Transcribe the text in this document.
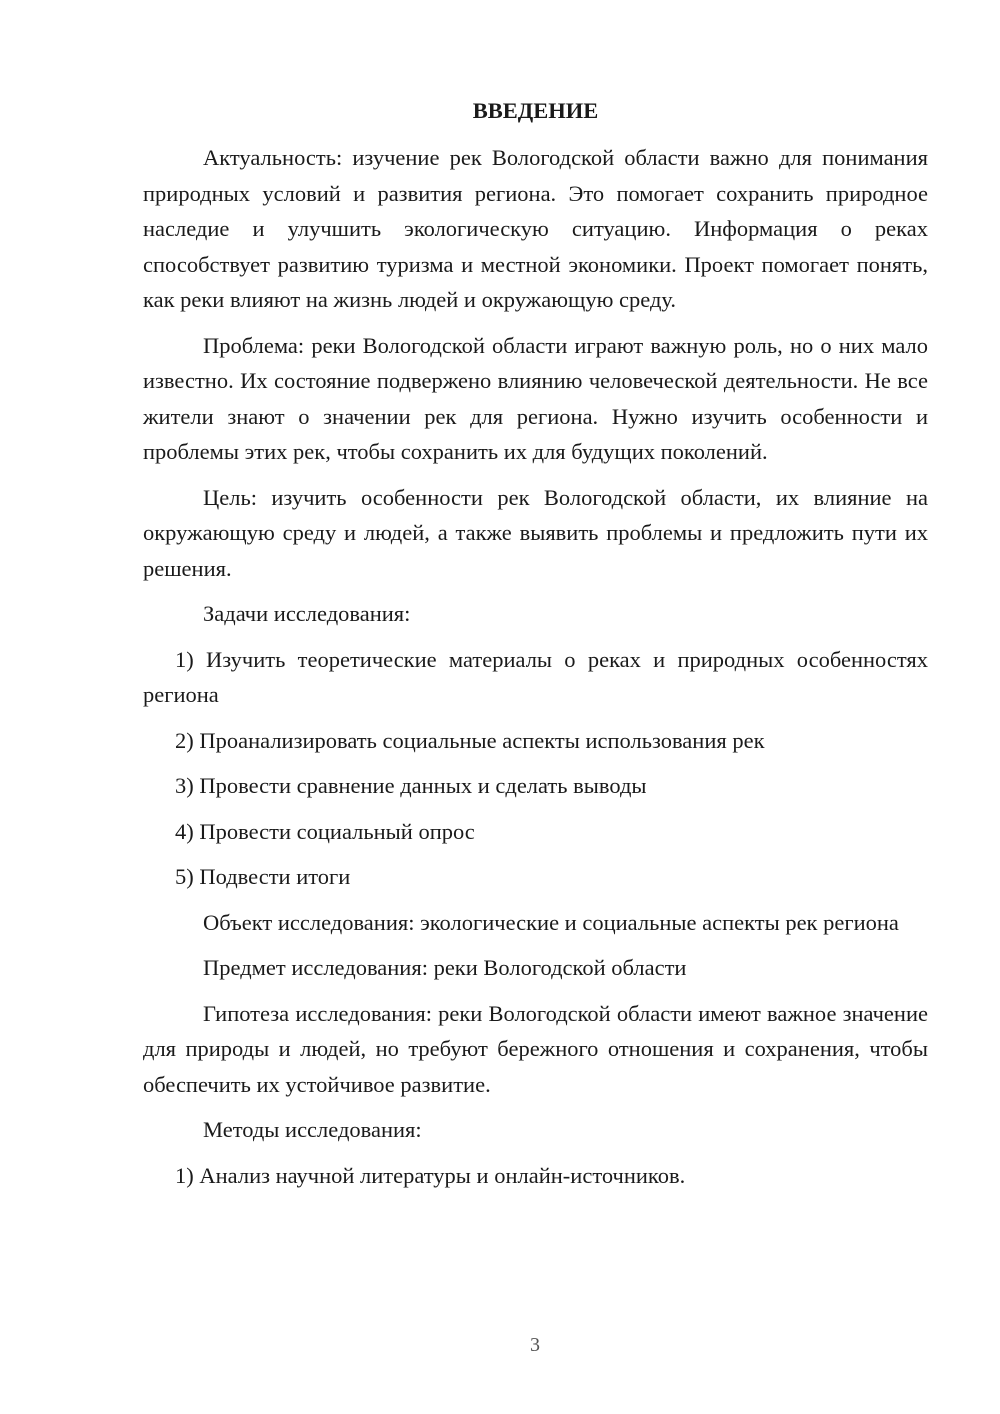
ВВЕДЕНИЕ

Актуальность: изучение рек Вологодской области важно для понимания природных условий и развития региона. Это помогает сохранить природное наследие и улучшить экологическую ситуацию. Информация о реках способствует развитию туризма и местной экономики. Проект помогает понять, как реки влияют на жизнь людей и окружающую среду.

Проблема: реки Вологодской области играют важную роль, но о них мало известно. Их состояние подвержено влиянию человеческой деятельности. Не все жители знают о значении рек для региона. Нужно изучить особенности и проблемы этих рек, чтобы сохранить их для будущих поколений.

Цель: изучить особенности рек Вологодской области, их влияние на окружающую среду и людей, а также выявить проблемы и предложить пути их решения.

Задачи исследования:

1) Изучить теоретические материалы о реках и природных особенностях региона

2) Проанализировать социальные аспекты использования рек

3) Провести сравнение данных и сделать выводы

4) Провести социальный опрос

5) Подвести итоги

Объект исследования: экологические и социальные аспекты рек региона

Предмет исследования: реки Вологодской области

Гипотеза исследования: реки Вологодской области имеют важное значение для природы и людей, но требуют бережного отношения и сохранения, чтобы обеспечить их устойчивое развитие.

Методы исследования:

1) Анализ научной литературы и онлайн-источников.

3
